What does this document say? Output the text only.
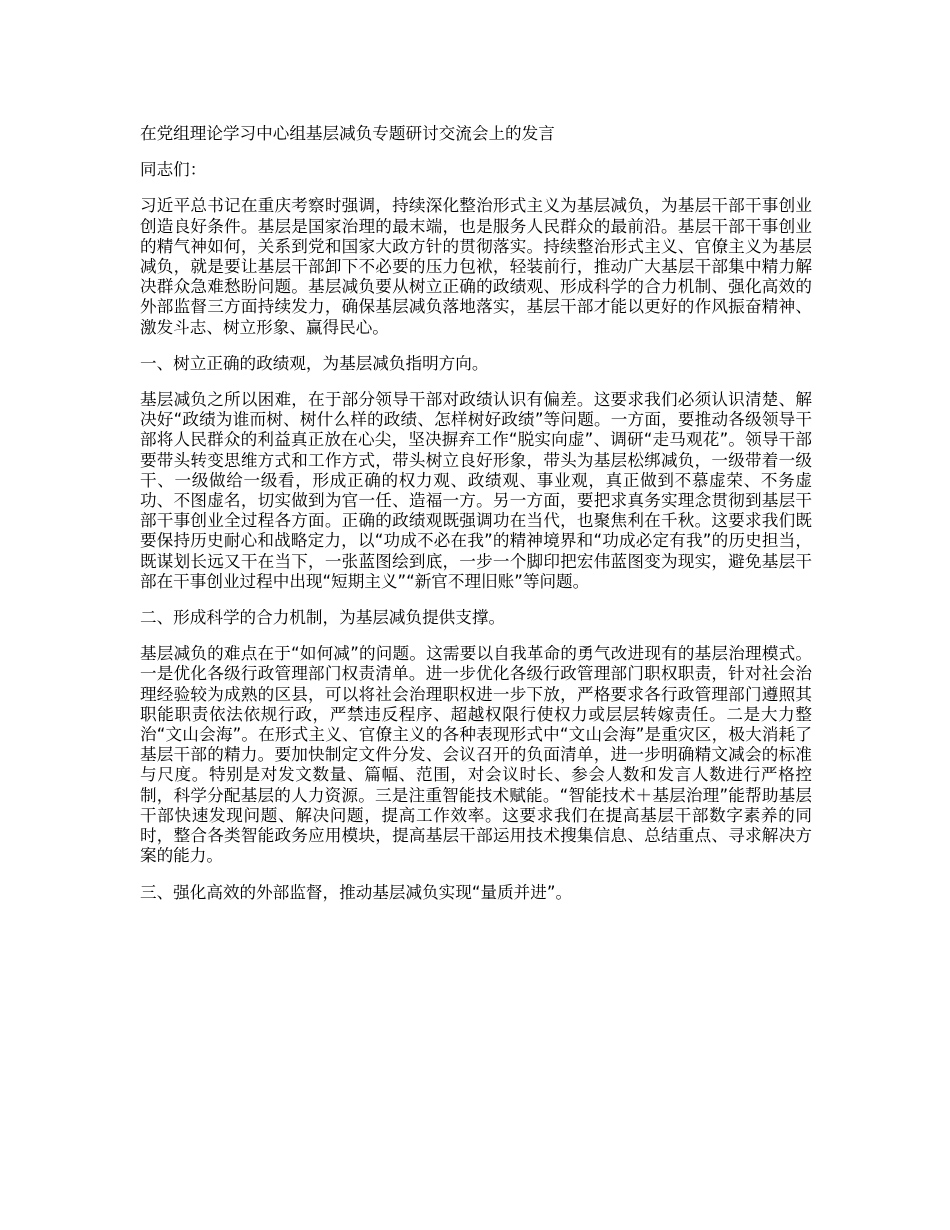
在党组理论学习中心组基层减负专题研讨交流会上的发言

同志们：

习近平总书记在重庆考察时强调，持续深化整治形式主义为基层减负，为基层干部干事创业创造良好条件。基层是国家治理的最末端，也是服务人民群众的最前沿。基层干部干事创业的精气神如何，关系到党和国家大政方针的贯彻落实。持续整治形式主义、官僚主义为基层减负，就是要让基层干部卸下不必要的压力包袱，轻装前行，推动广大基层干部集中精力解决群众急难愁盼问题。基层减负要从树立正确的政绩观、形成科学的合力机制、强化高效的外部监督三方面持续发力，确保基层减负落地落实，基层干部才能以更好的作风振奋精神、激发斗志、树立形象、赢得民心。

一、树立正确的政绩观，为基层减负指明方向。

基层减负之所以困难，在于部分领导干部对政绩认识有偏差。这要求我们必须认识清楚、解决好“政绩为谁而树、树什么样的政绩、怎样树好政绩”等问题。一方面，要推动各级领导干部将人民群众的利益真正放在心尖，坚决摒弃工作“脱实向虚”、调研“走马观花”。领导干部要带头转变思维方式和工作方式，带头树立良好形象，带头为基层松绑减负，一级带着一级干、一级做给一级看，形成正确的权力观、政绩观、事业观，真正做到不慕虚荣、不务虚功、不图虚名，切实做到为官一任、造福一方。另一方面，要把求真务实理念贯彻到基层干部干事创业全过程各方面。正确的政绩观既强调功在当代，也聚焦利在千秋。这要求我们既要保持历史耐心和战略定力，以“功成不必在我”的精神境界和“功成必定有我”的历史担当，既谋划长远又干在当下，一张蓝图绘到底，一步一个脚印把宏伟蓝图变为现实，避免基层干部在干事创业过程中出现“短期主义”“新官不理旧账”等问题。

二、形成科学的合力机制，为基层减负提供支撑。

基层减负的难点在于“如何减”的问题。这需要以自我革命的勇气改进现有的基层治理模式。一是优化各级行政管理部门权责清单。进一步优化各级行政管理部门职权职责，针对社会治理经验较为成熟的区县，可以将社会治理职权进一步下放，严格要求各行政管理部门遵照其职能职责依法依规行政，严禁违反程序、超越权限行使权力或层层转嫁责任。二是大力整治“文山会海”。在形式主义、官僚主义的各种表现形式中“文山会海”是重灾区，极大消耗了基层干部的精力。要加快制定文件分发、会议召开的负面清单，进一步明确精文减会的标准与尺度。特别是对发文数量、篇幅、范围，对会议时长、参会人数和发言人数进行严格控制，科学分配基层的人力资源。三是注重智能技术赋能。“智能技术＋基层治理”能帮助基层干部快速发现问题、解决问题，提高工作效率。这要求我们在提高基层干部数字素养的同时，整合各类智能政务应用模块，提高基层干部运用技术搜集信息、总结重点、寻求解决方案的能力。

三、强化高效的外部监督，推动基层减负实现“量质并进”。
